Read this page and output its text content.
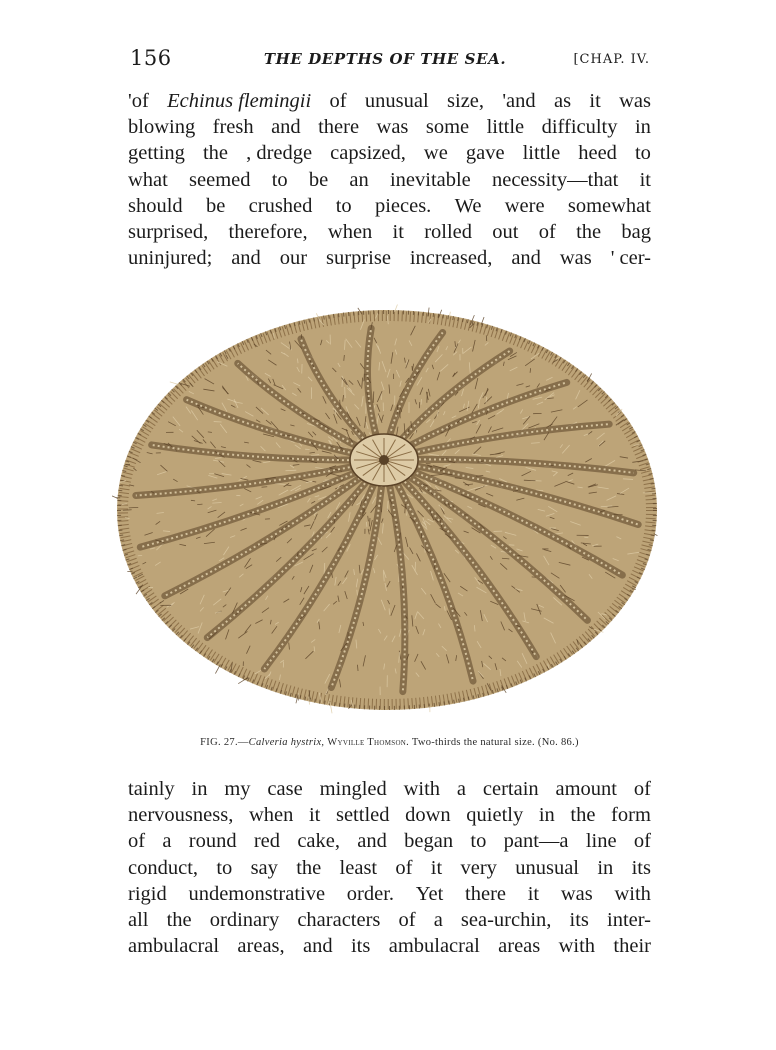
156	THE DEPTHS OF THE SEA.	[CHAP. IV.
'of Echinus flemingii of unusual size, 'and as it was
blowing fresh and there was some little difficulty in
getting the , dredge capsized, we gave little heed to
what seemed to be an inevitable necessity—that it
should be crushed to pieces. We were somewhat
surprised, therefore, when it rolled out of the bag
uninjured; and our surprise increased, and was ' cer-
FIG. 27.—Calveria hystrix, Wyville Thomson. Two-thirds the natural size. (No. 86.)
tainly in my case mingled with a certain amount of
nervousness, when it settled down quietly in the form
of a round red cake, and began to pant—a line of
conduct, to say the least of it very unusual in its
rigid undemonstrative order. Yet there it was with
all the ordinary characters of a sea-urchin, its inter-
ambulacral areas, and its ambulacral areas with their
